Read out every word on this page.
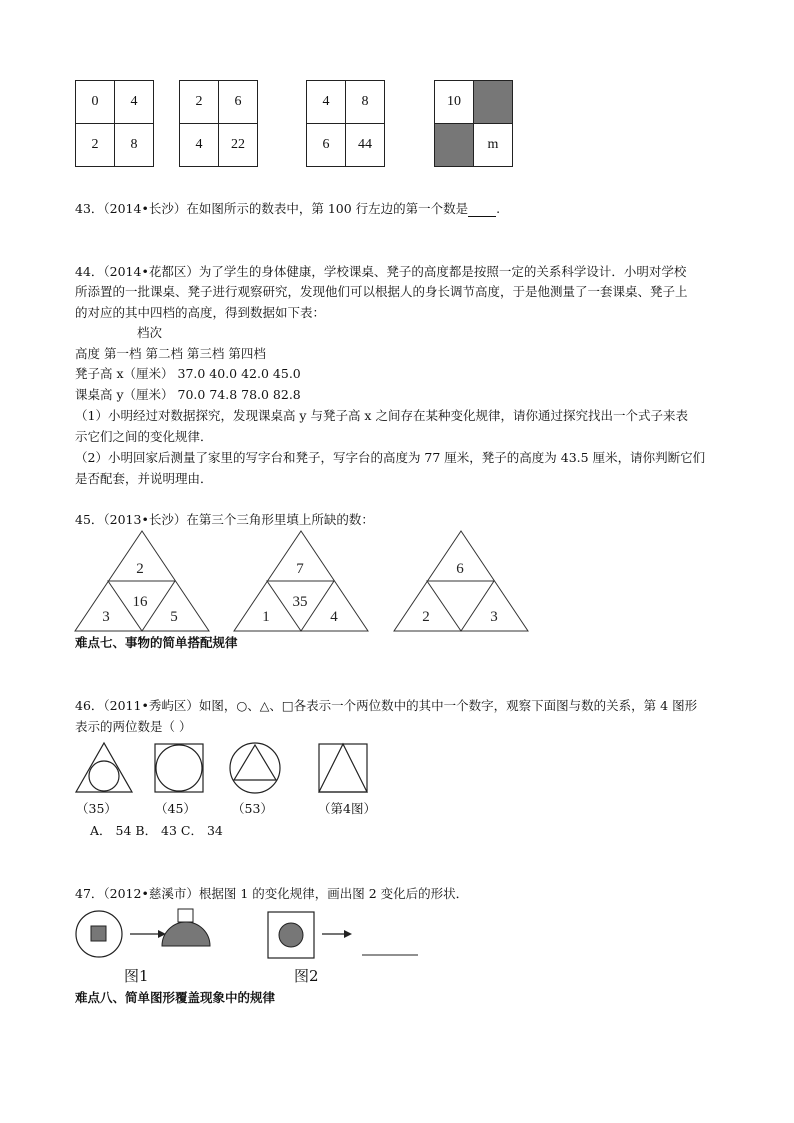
0	4
2	8
2	6
4	22
4	8
6	44
10	
	m
43．（2014•长沙）在如图所示的数表中，第 100 行左边的第一个数是 .
44．（2014•花都区）为了学生的身体健康，学校课桌、凳子的高度都是按照一定的关系科学设计．小明对学校
所添置的一批课桌、凳子进行观察研究，发现他们可以根据人的身长调节高度，于是他测量了一套课桌、凳子上
的对应的其中四档的高度，得到数据如下表：
档次
高度 第一档 第二档 第三档 第四档
凳子高 x（厘米） 37.0 40.0 42.0 45.0
课桌高 y（厘米） 70.0 74.8 78.0 82.8
（1）小明经过对数据探究，发现课桌高 y 与凳子高 x 之间存在某种变化规律，请你通过探究找出一个式子来表
示它们之间的变化规律．
（2）小明回家后测量了家里的写字台和凳子，写字台的高度为 77 厘米，凳子的高度为 43.5 厘米，请你判断它们
是否配套，并说明理由．
45．（2013•长沙）在第三个三角形里填上所缺的数：
2
16
3	5
7
35
1	4
6
2	3
难点七、事物的简单搭配规律
46．（2011•秀屿区）如图，○、△、□各表示一个两位数中的其中一个数字，观察下面图与数的关系，第 4 图形
表示的两位数是（ ）
（35）	（45）	（53）	（第4图）
A． 54 B． 43 C． 34
47．（2012•慈溪市）根据图 1 的变化规律，画出图 2 变化后的形状．
图1	图2
难点八、简单图形覆盖现象中的规律
